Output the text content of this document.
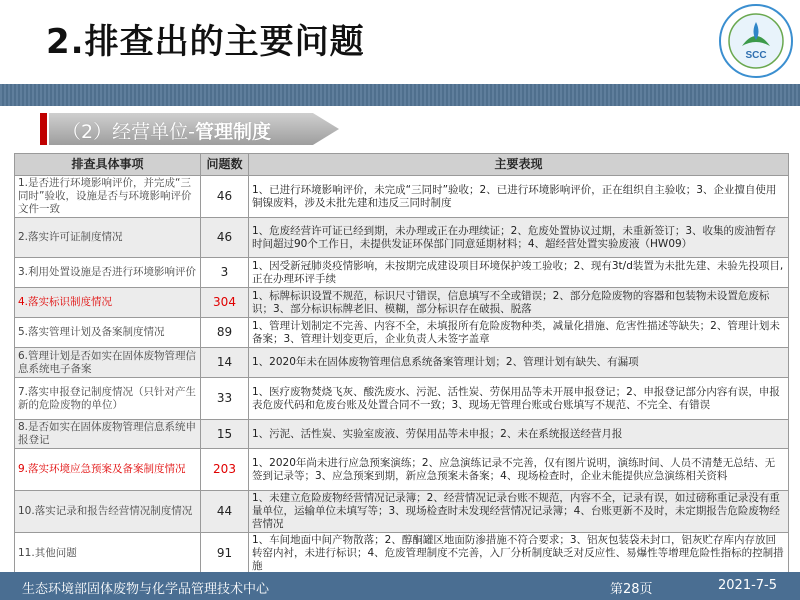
2.排查出的主要问题	SCC
（2）经营单位-管理制度
排查具体事项	问题数	主要表现
1.是否进行环境影响评价，并完成“三同时”验收，设施是否与环境影响评价文件一致	46	1、已进行环境影响评价，未完成“三同时”验收；2、已进行环境影响评价，正在组织自主验收；3、企业擅自使用铜镍废料，涉及未批先建和违反三同时制度
2.落实许可证制度情况	46	1、危废经营许可证已经到期，未办理或正在办理续证；2、危废处置协议过期，未重新签订；3、收集的废油暂存时间超过90个工作日，未提供发证环保部门同意延期材料；4、超经营处置实验废液（HW09）
3.利用处置设施是否进行环境影响评价	3	1、因受新冠肺炎疫情影响，未按期完成建设项目环境保护竣工验收；2、现有3t/d装置为未批先建、未验先投项目,正在办理环评手续
4.落实标识制度情况	304	1、标牌标识设置不规范，标识尺寸错误，信息填写不全或错误；2、部分危险废物的容器和包装物未设置危废标识；3、部分标识标牌老旧、模糊，部分标识存在破损、脱落
5.落实管理计划及备案制度情况	89	1、管理计划制定不完善、内容不全，未填报所有危险废物种类，减量化措施、危害性描述等缺失；2、管理计划未备案；3、管理计划变更后，企业负责人未签字盖章
6.管理计划是否如实在固体废物管理信息系统电子备案	14	1、2020年未在固体废物管理信息系统备案管理计划；2、管理计划有缺失、有漏项
7.落实申报登记制度情况（只针对产生新的危险废物的单位）	33	1、医疗废物焚烧飞灰、酸洗废水、污泥、活性炭、劳保用品等未开展申报登记；2、申报登记部分内容有误，申报表危废代码和危废台账及处置合同不一致；3、现场无管理台账或台账填写不规范、不完全、有错误
8.是否如实在固体废物管理信息系统申报登记	15	1、污泥、活性炭、实验室废液、劳保用品等未申报；2、未在系统报送经营月报
9.落实环境应急预案及备案制度情况	203	1、2020年尚未进行应急预案演练；2、应急演练记录不完善，仅有图片说明，演练时间、人员不清楚无总结、无签到记录等；3、应急预案到期，新应急预案未备案；4、现场检查时，企业未能提供应急演练相关资料
10.落实记录和报告经营情况制度情况	44	1、未建立危险废物经营情况记录簿；2、经营情况记录台账不规范，内容不全，记录有误，如过磅称重记录没有重量单位，运输单位未填写等；3、现场检查时未发现经营情况记录簿；4、台账更新不及时，未定期报告危险废物经营情况
11.其他问题	91	1、车间地面中间产物散落；2、醇酮罐区地面防渗措施不符合要求；3、铝灰包装袋未封口，铝灰贮存库内存放回转窑内衬，未进行标识；4、危废管理制度不完善，入厂分析制度缺乏对反应性、易爆性等增理危险性指标的控制措施
生态环境部固体废物与化学品管理技术中心	第28页	2021-7-5
